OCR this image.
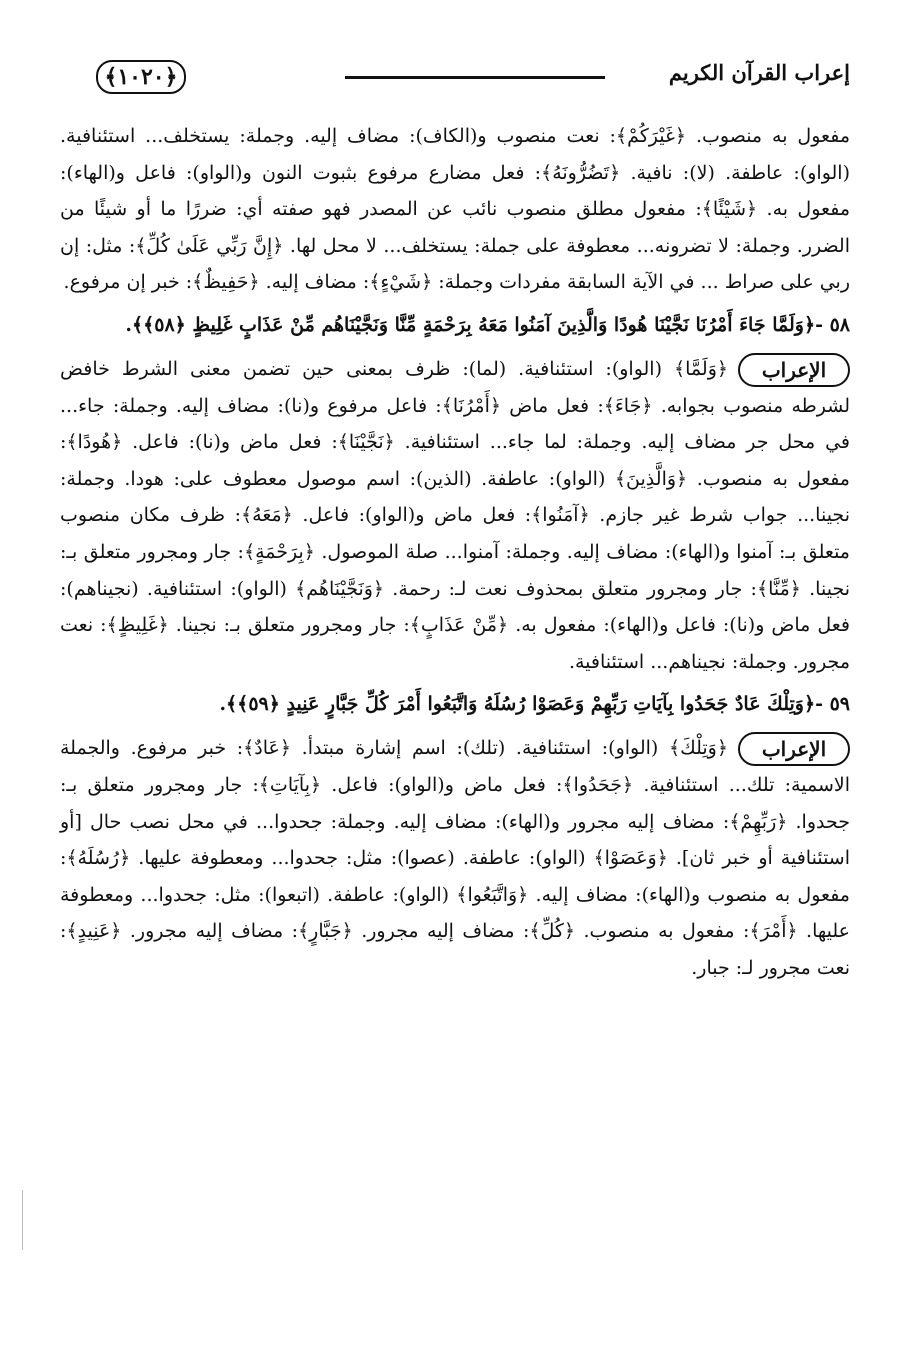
﴿١٠٢٠﴾	إعراب القرآن الكريم

مفعول به منصوب. ﴿غَيْرَكُمْ﴾: نعت منصوب و(الكاف): مضاف إليه. وجملة: يستخلف... استئنافية. (الواو): عاطفة. (لا): نافية. ﴿تَضُرُّونَهُ﴾: فعل مضارع مرفوع بثبوت النون و(الواو): فاعل و(الهاء): مفعول به. ﴿شَيْئًا﴾: مفعول مطلق منصوب نائب عن المصدر فهو صفته أي: ضررًا ما أو شيئًا من الضرر. وجملة: لا تضرونه... معطوفة على جملة: يستخلف... لا محل لها. ﴿إِنَّ رَبِّي عَلَىٰ كُلِّ﴾: مثل: إن ربي على صراط ... في الآية السابقة مفردات وجملة: ﴿شَيْءٍ﴾: مضاف إليه. ﴿حَفِيظٌ﴾: خبر إن مرفوع.

٥٨ -﴿وَلَمَّا جَاءَ أَمْرُنَا نَجَّيْنَا هُودًا وَالَّذِينَ آمَنُوا مَعَهُ بِرَحْمَةٍ مِّنَّا وَنَجَّيْنَاهُم مِّنْ عَذَابٍ غَلِيظٍ ﴿٥٨﴾﴾.
الإعراب
﴿وَلَمَّا﴾ (الواو): استئنافية. (لما): ظرف بمعنى حين تضمن معنى الشرط خافض لشرطه منصوب بجوابه. ﴿جَاءَ﴾: فعل ماض ﴿أَمْرُنَا﴾: فاعل مرفوع و(نا): مضاف إليه. وجملة: جاء... في محل جر مضاف إليه. وجملة: لما جاء... استئنافية. ﴿نَجَّيْنَا﴾: فعل ماض و(نا): فاعل. ﴿هُودًا﴾: مفعول به منصوب. ﴿وَالَّذِينَ﴾ (الواو): عاطفة. (الذين): اسم موصول معطوف على: هودا. وجملة: نجينا... جواب شرط غير جازم. ﴿آمَنُوا﴾: فعل ماض و(الواو): فاعل. ﴿مَعَهُ﴾: ظرف مكان منصوب متعلق بـ: آمنوا و(الهاء): مضاف إليه. وجملة: آمنوا... صلة الموصول. ﴿بِرَحْمَةٍ﴾: جار ومجرور متعلق بـ: نجينا. ﴿مِّنَّا﴾: جار ومجرور متعلق بمحذوف نعت لـ: رحمة. ﴿وَنَجَّيْنَاهُم﴾ (الواو): استئنافية. (نجيناهم): فعل ماض و(نا): فاعل و(الهاء): مفعول به. ﴿مِّنْ عَذَابٍ﴾: جار ومجرور متعلق بـ: نجينا. ﴿غَلِيظٍ﴾: نعت مجرور. وجملة: نجيناهم... استئنافية.
٥٩ -﴿وَتِلْكَ عَادٌ جَحَدُوا بِآيَاتِ رَبِّهِمْ وَعَصَوْا رُسُلَهُ وَاتَّبَعُوا أَمْرَ كُلِّ جَبَّارٍ عَنِيدٍ ﴿٥٩﴾﴾.
الإعراب
﴿وَتِلْكَ﴾ (الواو): استئنافية. (تلك): اسم إشارة مبتدأ. ﴿عَادٌ﴾: خبر مرفوع. والجملة الاسمية: تلك... استئنافية. ﴿جَحَدُوا﴾: فعل ماض و(الواو): فاعل. ﴿بِآيَاتِ﴾: جار ومجرور متعلق بـ: جحدوا. ﴿رَبِّهِمْ﴾: مضاف إليه مجرور و(الهاء): مضاف إليه. وجملة: جحدوا... في محل نصب حال [أو استئنافية أو خبر ثان]. ﴿وَعَصَوْا﴾ (الواو): عاطفة. (عصوا): مثل: جحدوا... ومعطوفة عليها. ﴿رُسُلَهُ﴾: مفعول به منصوب و(الهاء): مضاف إليه. ﴿وَاتَّبَعُوا﴾ (الواو): عاطفة. (اتبعوا): مثل: جحدوا... ومعطوفة عليها. ﴿أَمْرَ﴾: مفعول به منصوب. ﴿كُلِّ﴾: مضاف إليه مجرور. ﴿جَبَّارٍ﴾: مضاف إليه مجرور. ﴿عَنِيدٍ﴾: نعت مجرور لـ: جبار.
